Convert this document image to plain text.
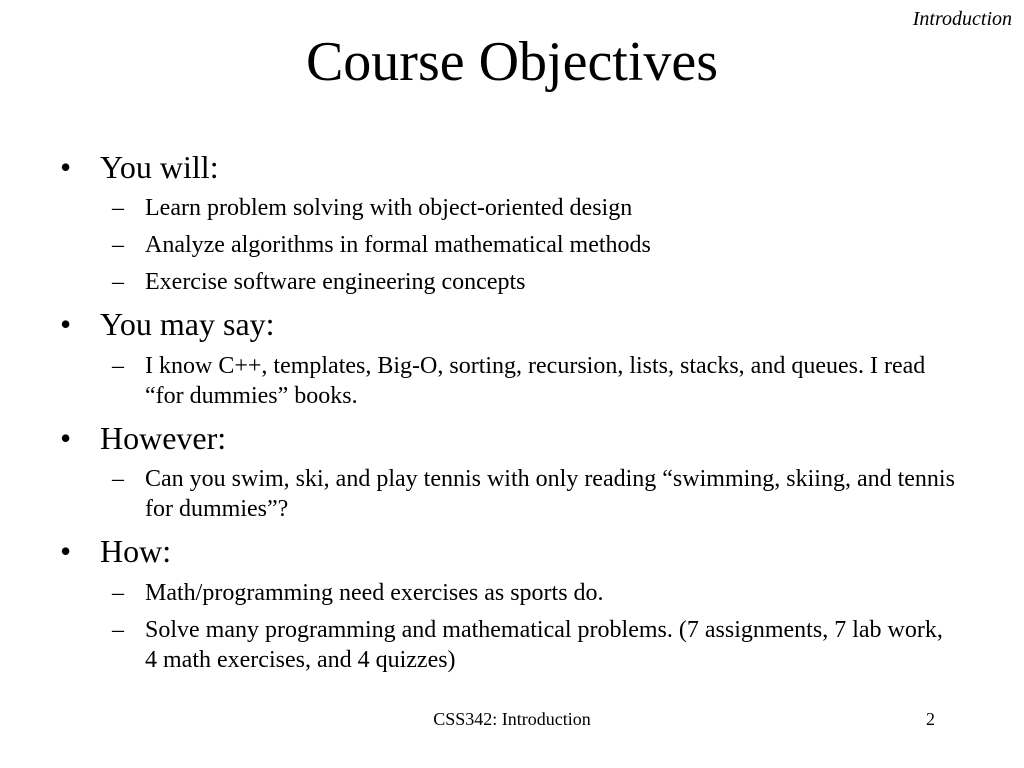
Introduction
Course Objectives
• You will:
– Learn problem solving with object-oriented design
– Analyze algorithms in formal mathematical methods
– Exercise software engineering concepts
• You may say:
– I know C++, templates, Big-O, sorting, recursion, lists, stacks, and queues. I read “for dummies” books.
• However:
– Can you swim, ski, and play tennis with only reading “swimming, skiing, and tennis for dummies”?
• How:
– Math/programming need exercises as sports do.
– Solve many programming and mathematical problems. (7 assignments, 7 lab work, 4 math exercises, and 4 quizzes)
CSS342: Introduction	2
